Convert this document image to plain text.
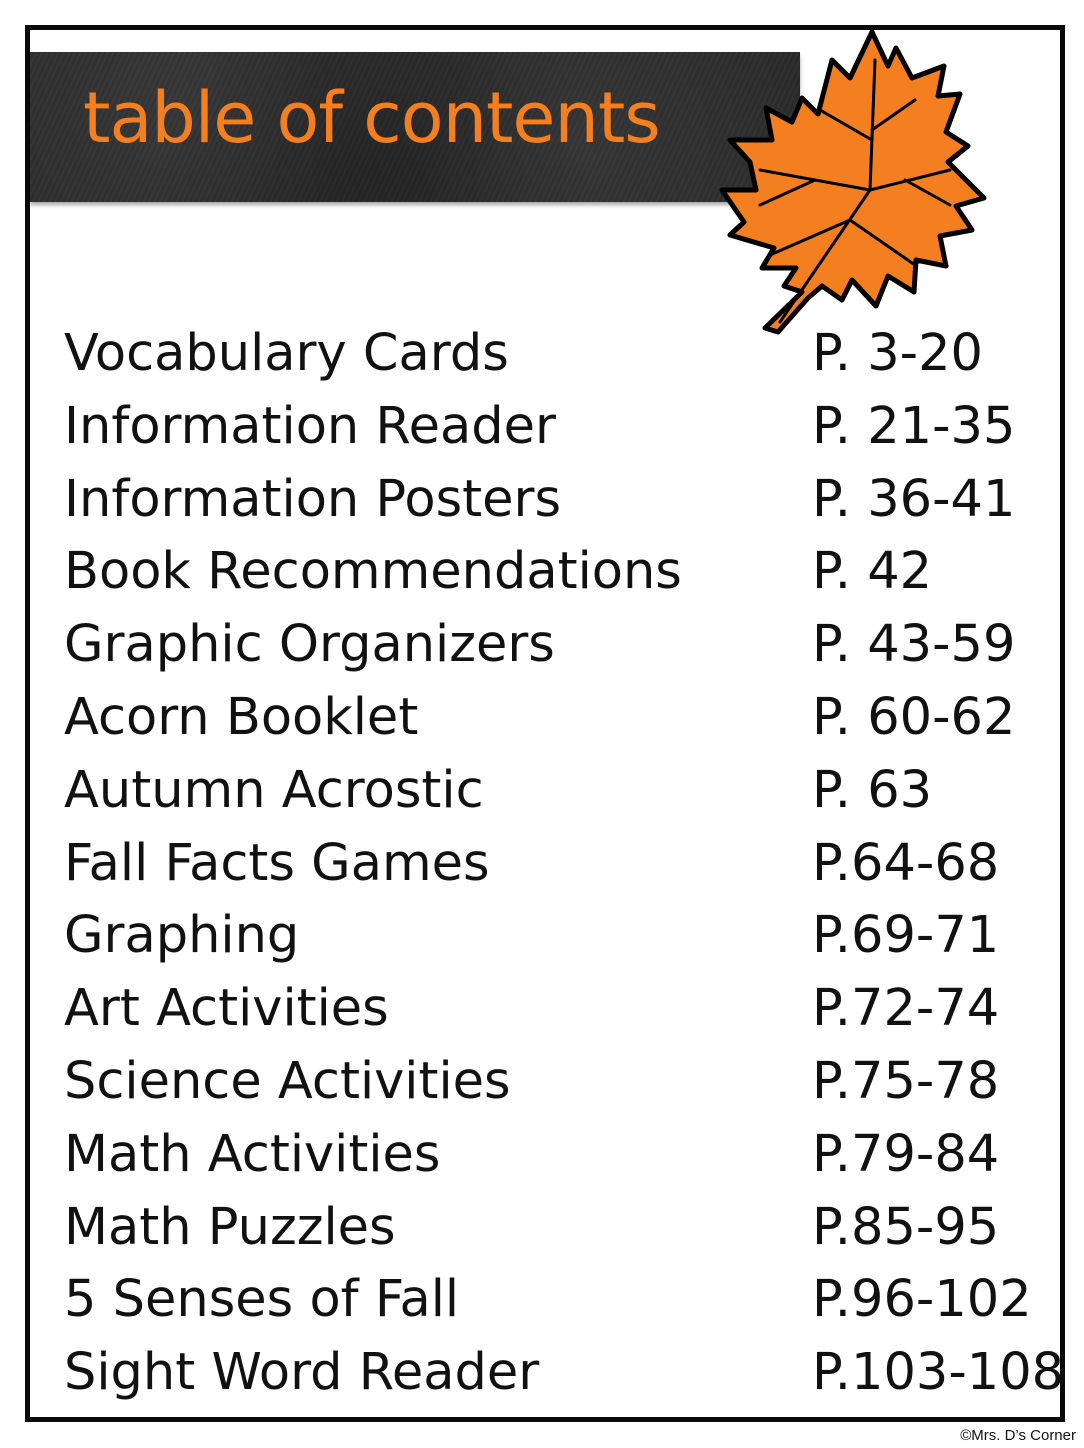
table of contents
Vocabulary Cards	P. 3-20
Information Reader	P. 21-35
Information Posters	P. 36-41
Book Recommendations	P. 42
Graphic Organizers	P. 43-59
Acorn Booklet	P. 60-62
Autumn Acrostic	P. 63
Fall Facts Games	P.64-68
Graphing	P.69-71
Art Activities	P.72-74
Science Activities	P.75-78
Math Activities	P.79-84
Math Puzzles	P.85-95
5 Senses of Fall	P.96-102
Sight Word Reader	P.103-108
©Mrs. D’s Corner
